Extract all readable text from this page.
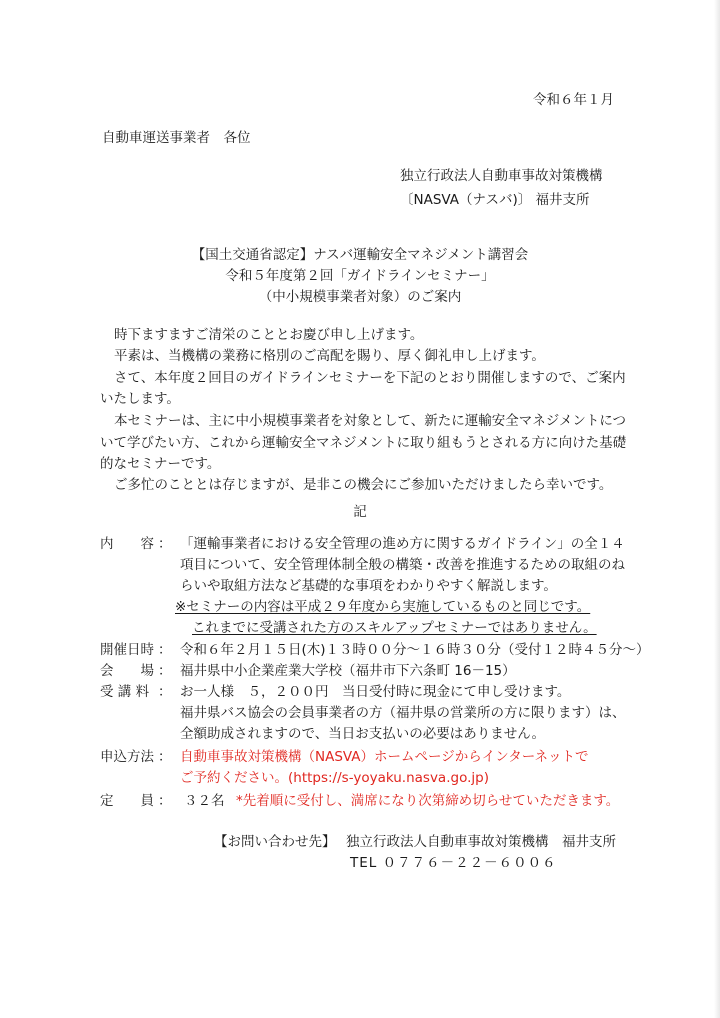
令和６年１月
自動車運送事業者　各位
独立行政法人自動車事故対策機構
〔NASVA（ナスバ)〕 福井支所
【国土交通省認定】ナスバ運輸安全マネジメント講習会
令和５年度第２回「ガイドラインセミナー」
（中小規模事業者対象）のご案内
時下ますますご清栄のこととお慶び申し上げます。
平素は、当機構の業務に格別のご高配を賜り、厚く御礼申し上げます。
さて、本年度２回目のガイドラインセミナーを下記のとおり開催しますので、ご案内
いたします。
本セミナーは、主に中小規模事業者を対象として、新たに運輸安全マネジメントにつ
いて学びたい方、これから運輸安全マネジメントに取り組もうとされる方に向けた基礎
的なセミナーです。
ご多忙のこととは存じますが、是非この機会にご参加いただけましたら幸いです。
記
内　　容 ： 「運輸事業者における安全管理の進め方に関するガイドライン」の全１４
項目について、安全管理体制全般の構築・改善を推進するための取組のね
らいや取組方法など基礎的な事項をわかりやすく解説します。
※セミナーの内容は平成２９年度から実施しているものと同じです。
これまでに受講された方のスキルアップセミナーではありません。
開催日時 ： 令和６年２月１５日(木)１３時００分～１６時３０分（受付１２時４５分～）
会　　場 ： 福井県中小企業産業大学校（福井市下六条町 16－15）
受 講 料 ： お一人様　５，２００円　当日受付時に現金にて申し受けます。
福井県バス協会の会員事業者の方（福井県の営業所の方に限ります）は、
全額助成されますので、当日お支払いの必要はありません。
申込方法 ： 自動車事故対策機構（NASVA）ホームページからインターネットで
ご予約ください。(https://s-yoyaku.nasva.go.jp)
定　　員 ： ３２名 *先着順に受付し、満席になり次第締め切らせていただきます。
【お問い合わせ先】 独立行政法人自動車事故対策機構　福井支所
TEL ０７７６－２２－６００６
